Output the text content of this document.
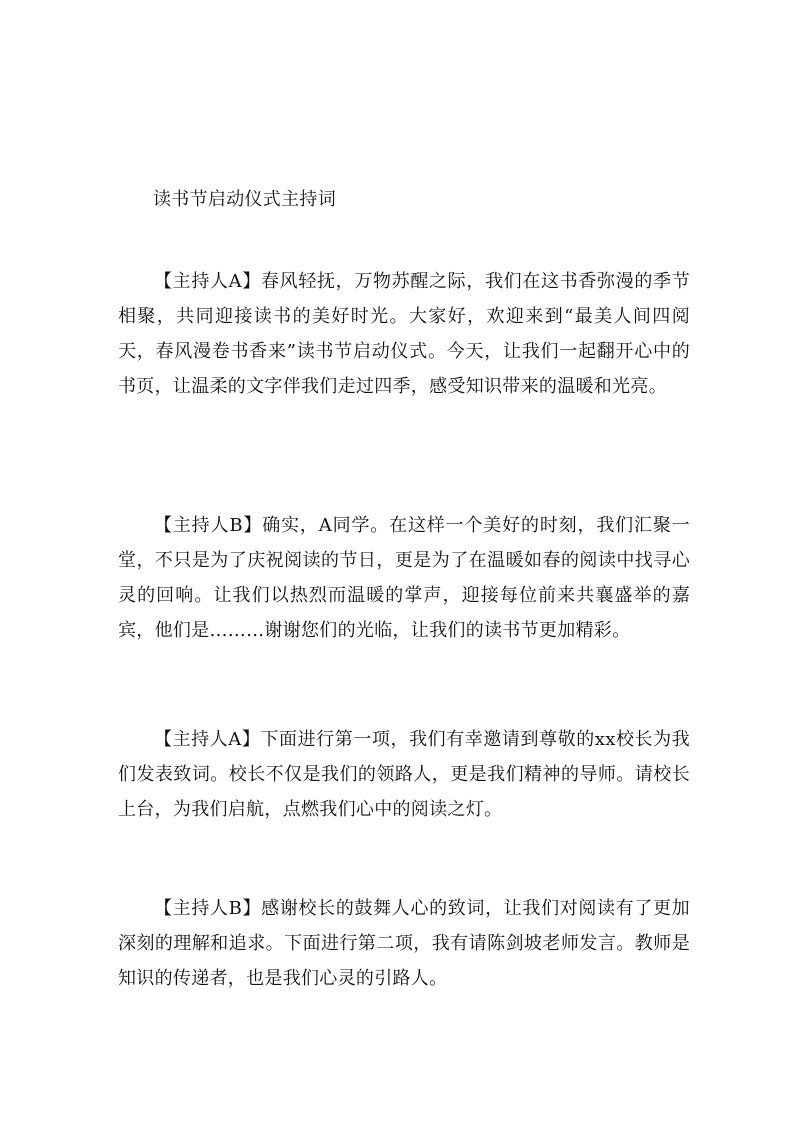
读书节启动仪式主持词

【主持人A】春风轻抚，万物苏醒之际，我们在这书香弥漫的季节相聚，共同迎接读书的美好时光。大家好，欢迎来到“最美人间四阅天，春风漫卷书香来”读书节启动仪式。今天，让我们一起翻开心中的书页，让温柔的文字伴我们走过四季，感受知识带来的温暖和光亮。

【主持人B】确实，A同学。在这样一个美好的时刻，我们汇聚一堂，不只是为了庆祝阅读的节日，更是为了在温暖如春的阅读中找寻心灵的回响。让我们以热烈而温暖的掌声，迎接每位前来共襄盛举的嘉宾，他们是………谢谢您们的光临，让我们的读书节更加精彩。

【主持人A】下面进行第一项，我们有幸邀请到尊敬的xx校长为我们发表致词。校长不仅是我们的领路人，更是我们精神的导师。请校长上台，为我们启航，点燃我们心中的阅读之灯。

【主持人B】感谢校长的鼓舞人心的致词，让我们对阅读有了更加深刻的理解和追求。下面进行第二项，我有请陈剑坡老师发言。教师是知识的传递者，也是我们心灵的引路人。
